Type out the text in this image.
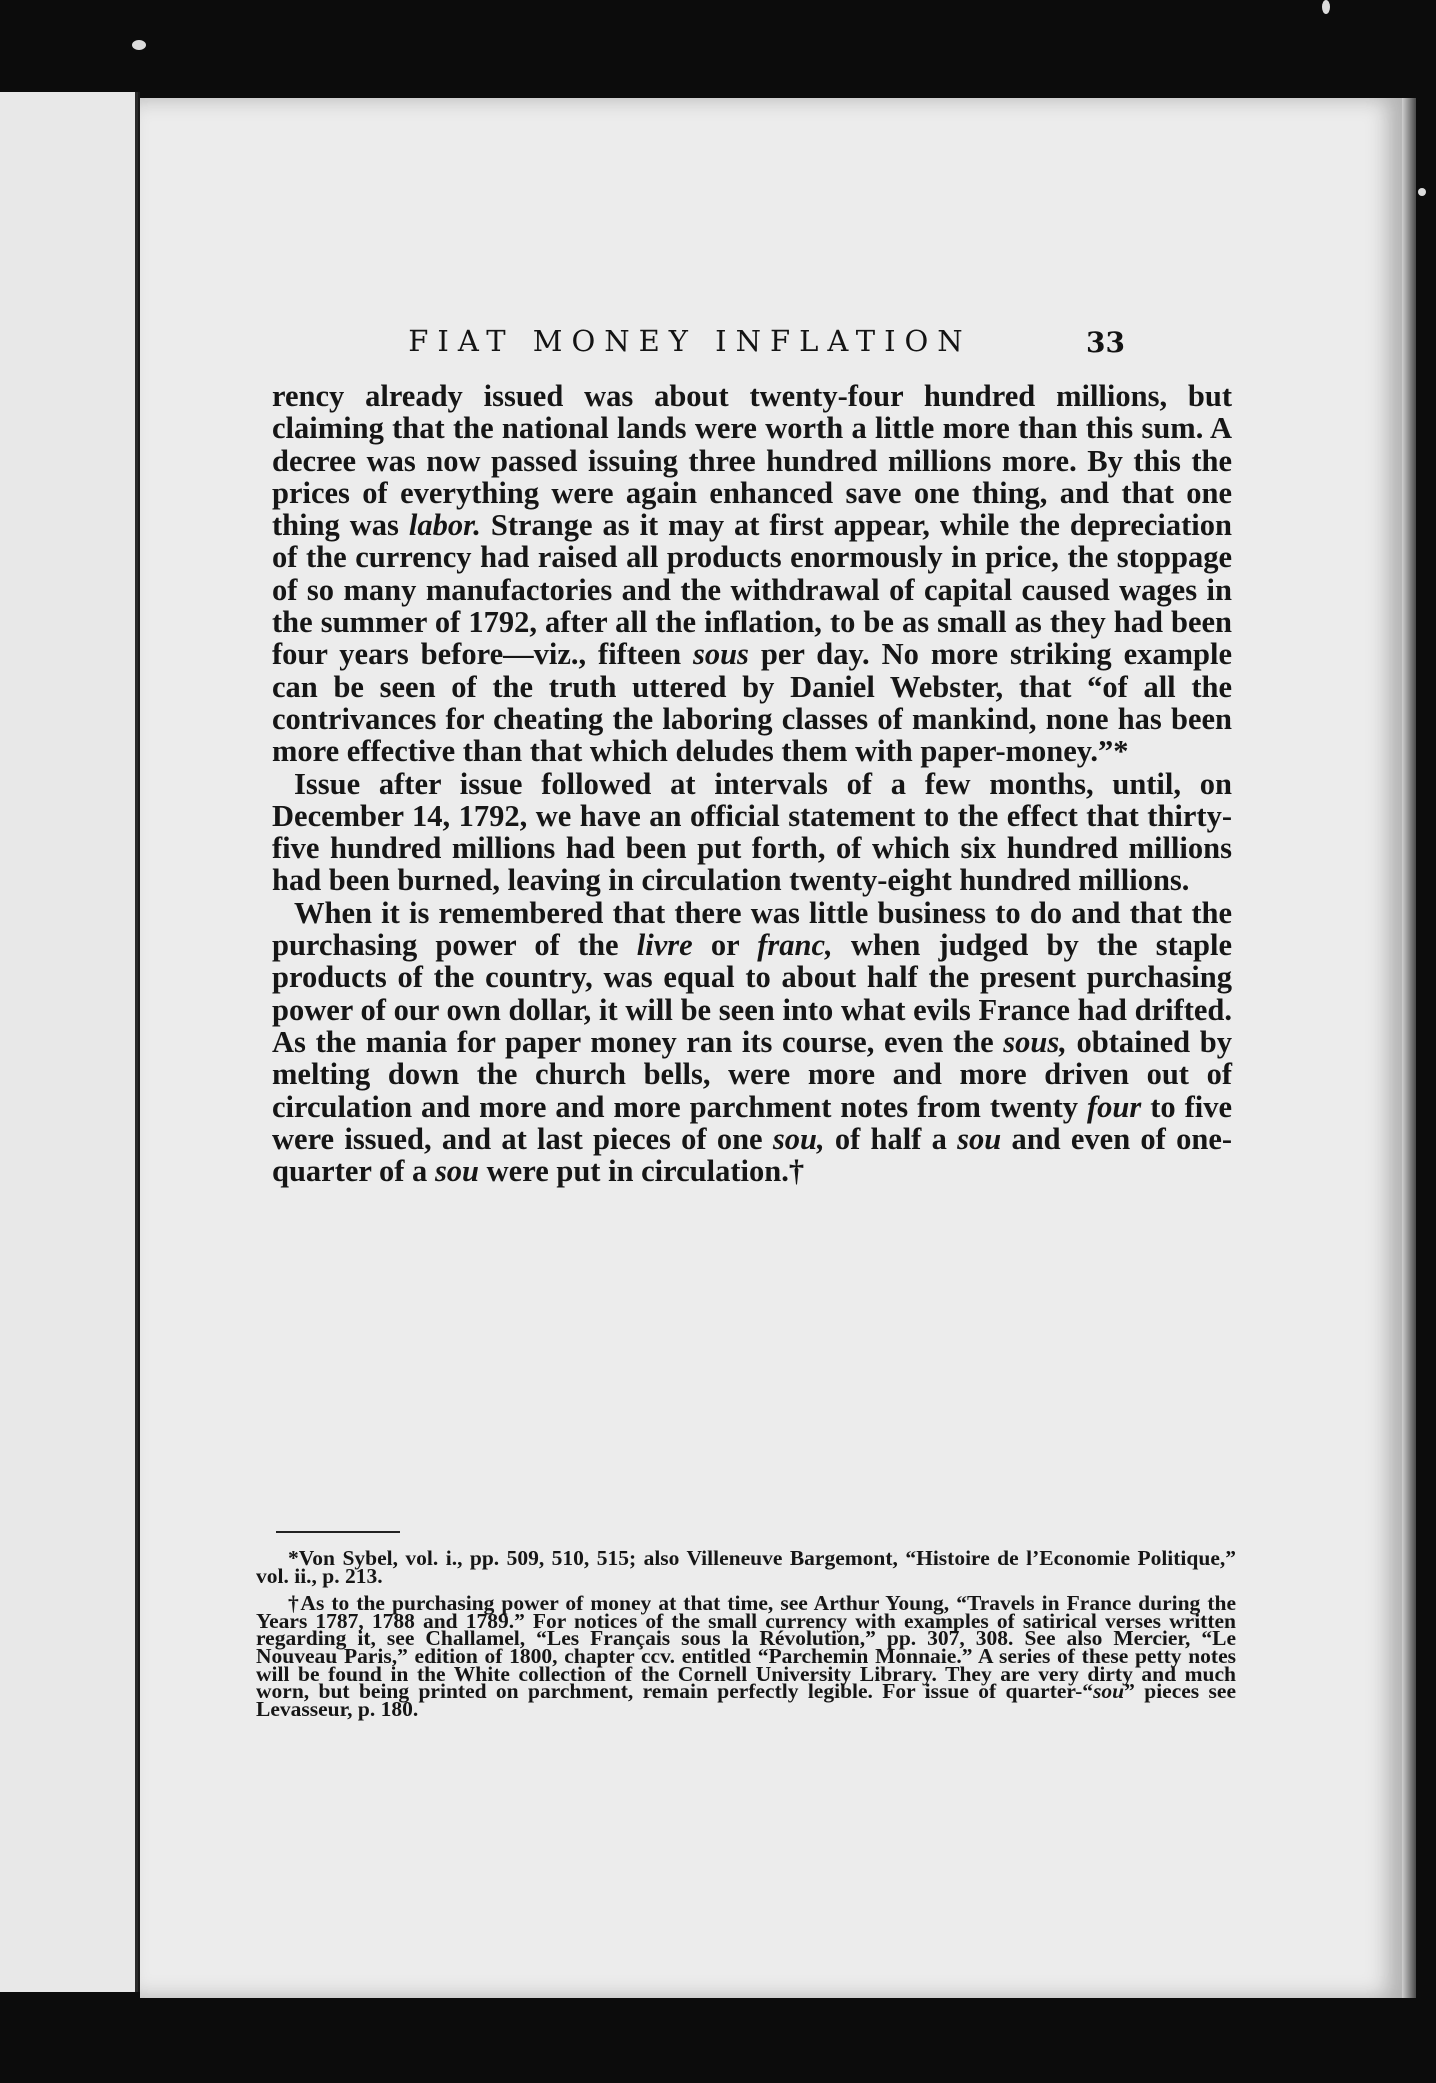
FIAT MONEY INFLATION	33

rency already issued was about twenty-four hundred millions, but claiming that the national lands were worth a little more than this sum. A decree was now passed issuing three hundred millions more. By this the prices of everything were again enhanced save one thing, and that one thing was labor. Strange as it may at first appear, while the depreciation of the currency had raised all products enormously in price, the stoppage of so many manufactories and the withdrawal of capital caused wages in the summer of 1792, after all the inflation, to be as small as they had been four years before—viz., fifteen sous per day. No more striking example can be seen of the truth uttered by Daniel Webster, that “of all the contrivances for cheating the laboring classes of mankind, none has been more effective than that which deludes them with paper-money.”*

Issue after issue followed at intervals of a few months, until, on December 14, 1792, we have an official statement to the effect that thirty-five hundred millions had been put forth, of which six hundred millions had been burned, leaving in circulation twenty-eight hundred millions.

When it is remembered that there was little business to do and that the purchasing power of the livre or franc, when judged by the staple products of the country, was equal to about half the present purchasing power of our own dollar, it will be seen into what evils France had drifted. As the mania for paper money ran its course, even the sous, obtained by melting down the church bells, were more and more driven out of circulation and more and more parchment notes from twenty four to five were issued, and at last pieces of one sou, of half a sou and even of one-quarter of a sou were put in circulation.†

*Von Sybel, vol. i., pp. 509, 510, 515; also Villeneuve Bargemont, “Histoire de l’Economie Politique,” vol. ii., p. 213.

†As to the purchasing power of money at that time, see Arthur Young, “Travels in France during the Years 1787, 1788 and 1789.” For notices of the small currency with examples of satirical verses written regarding it, see Challamel, “Les Français sous la Révolution,” pp. 307, 308. See also Mercier, “Le Nouveau Paris,” edition of 1800, chapter ccv. entitled “Parchemin Monnaie.” A series of these petty notes will be found in the White collection of the Cornell University Library. They are very dirty and much worn, but being printed on parchment, remain perfectly legible. For issue of quarter-“sou” pieces see Levasseur, p. 180.
